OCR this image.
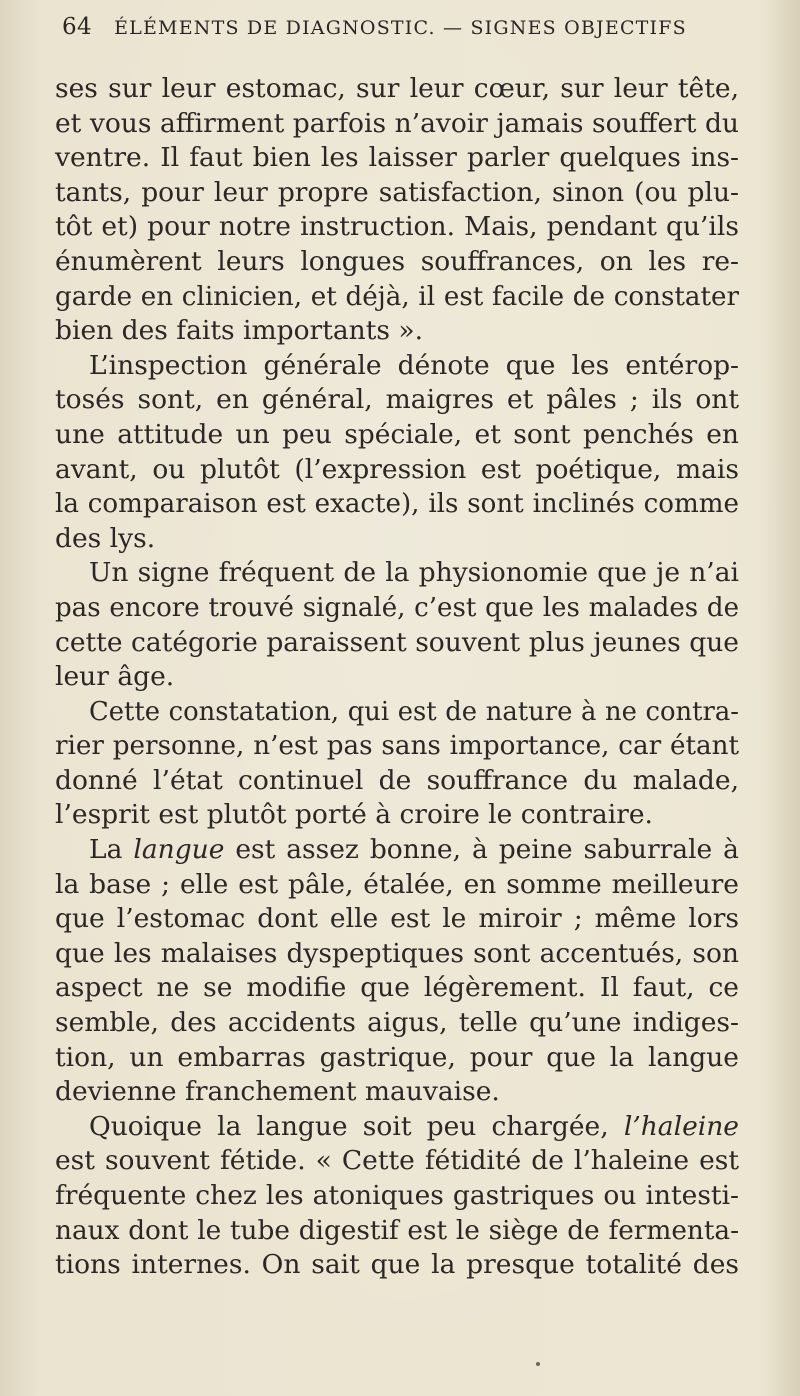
64 ÉLÉMENTS DE DIAGNOSTIC. — SIGNES OBJECTIFS
ses sur leur estomac, sur leur cœur, sur leur tête,
et vous affirment parfois n’avoir jamais souffert du
ventre. Il faut bien les laisser parler quelques ins-
tants, pour leur propre satisfaction, sinon (ou plu-
tôt et) pour notre instruction. Mais, pendant qu’ils
énumèrent leurs longues souffrances, on les re-
garde en clinicien, et déjà, il est facile de constater
bien des faits importants ».
L’inspection générale dénote que les entérop-
tosés sont, en général, maigres et pâles ; ils ont
une attitude un peu spéciale, et sont penchés en
avant, ou plutôt (l’expression est poétique, mais
la comparaison est exacte), ils sont inclinés comme
des lys.
Un signe fréquent de la physionomie que je n’ai
pas encore trouvé signalé, c’est que les malades de
cette catégorie paraissent souvent plus jeunes que
leur âge.
Cette constatation, qui est de nature à ne contra-
rier personne, n’est pas sans importance, car étant
donné l’état continuel de souffrance du malade,
l’esprit est plutôt porté à croire le contraire.
La langue est assez bonne, à peine saburrale à
la base ; elle est pâle, étalée, en somme meilleure
que l’estomac dont elle est le miroir ; même lors
que les malaises dyspeptiques sont accentués, son
aspect ne se modifie que légèrement. Il faut, ce
semble, des accidents aigus, telle qu’une indiges-
tion, un embarras gastrique, pour que la langue
devienne franchement mauvaise.
Quoique la langue soit peu chargée, l’haleine
est souvent fétide. « Cette fétidité de l’haleine est
fréquente chez les atoniques gastriques ou intesti-
naux dont le tube digestif est le siège de fermenta-
tions internes. On sait que la presque totalité des
